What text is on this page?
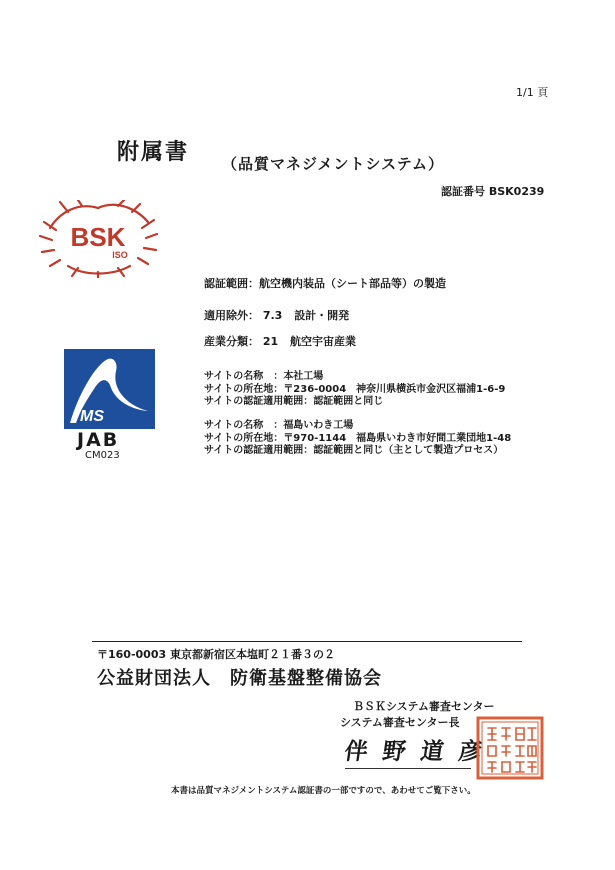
1/1 頁
附属書 （品質マネジメントシステム）
認証番号 BSK0239
BSK
ISO
認証範囲：航空機内装品（シート部品等）の製造
適用除外： 7.3 設計・開発
産業分類： 21 航空宇宙産業
サイトの名称　：本社工場
サイトの所在地：〒236-0004　神奈川県横浜市金沢区福浦1-6-9
サイトの認証適用範囲：認証範囲と同じ
サイトの名称　：福島いわき工場
サイトの所在地：〒970-1144　福島県いわき市好間工業団地1-48
サイトの認証適用範囲：認証範囲と同じ（主として製造プロセス）
MS
JAB
CM023
〒160-0003 東京都新宿区本塩町２１番３の２
公益財団法人　防衛基盤整備協会
ＢＳＫシステム審査センター
システム審査センター長
伴野道彦
本書は品質マネジメントシステム認証書の一部ですので、あわせてご覧下さい。
